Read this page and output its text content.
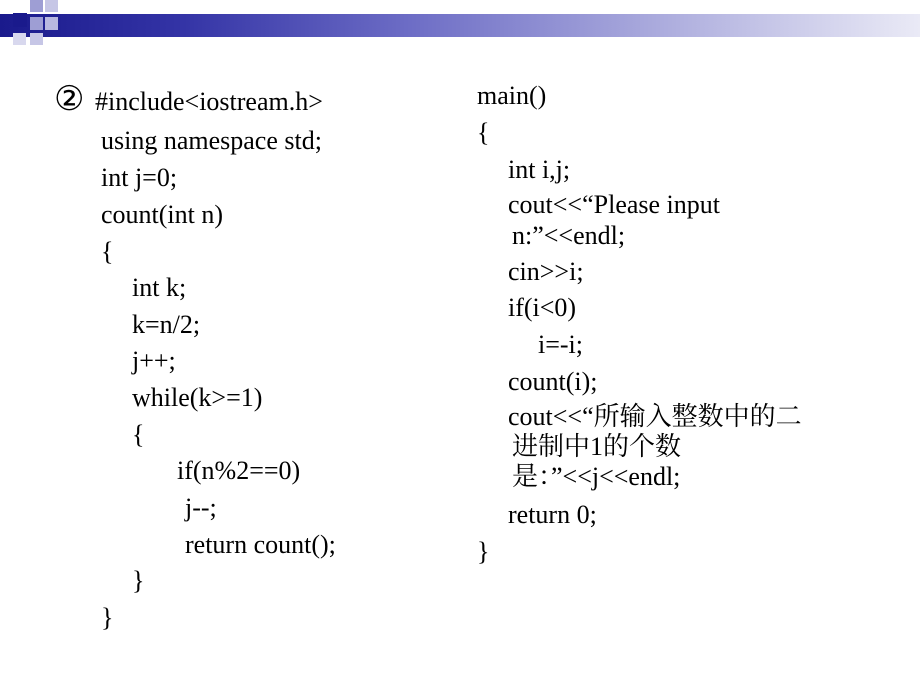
② #include<iostream.h>
using namespace std;
int j=0;
count(int n)
{
int k;
k=n/2;
j++;
while(k>=1)
{
if(n%2==0)
j--;
return count();
}
}
main()
{
int i,j;
cout<<“Please input
n:”<<endl;
cin>>i;
if(i<0)
i=-i;
count(i);
cout<<“所输入整数中的二
进制中1的个数
是：”<<j<<endl;
return 0;
}
